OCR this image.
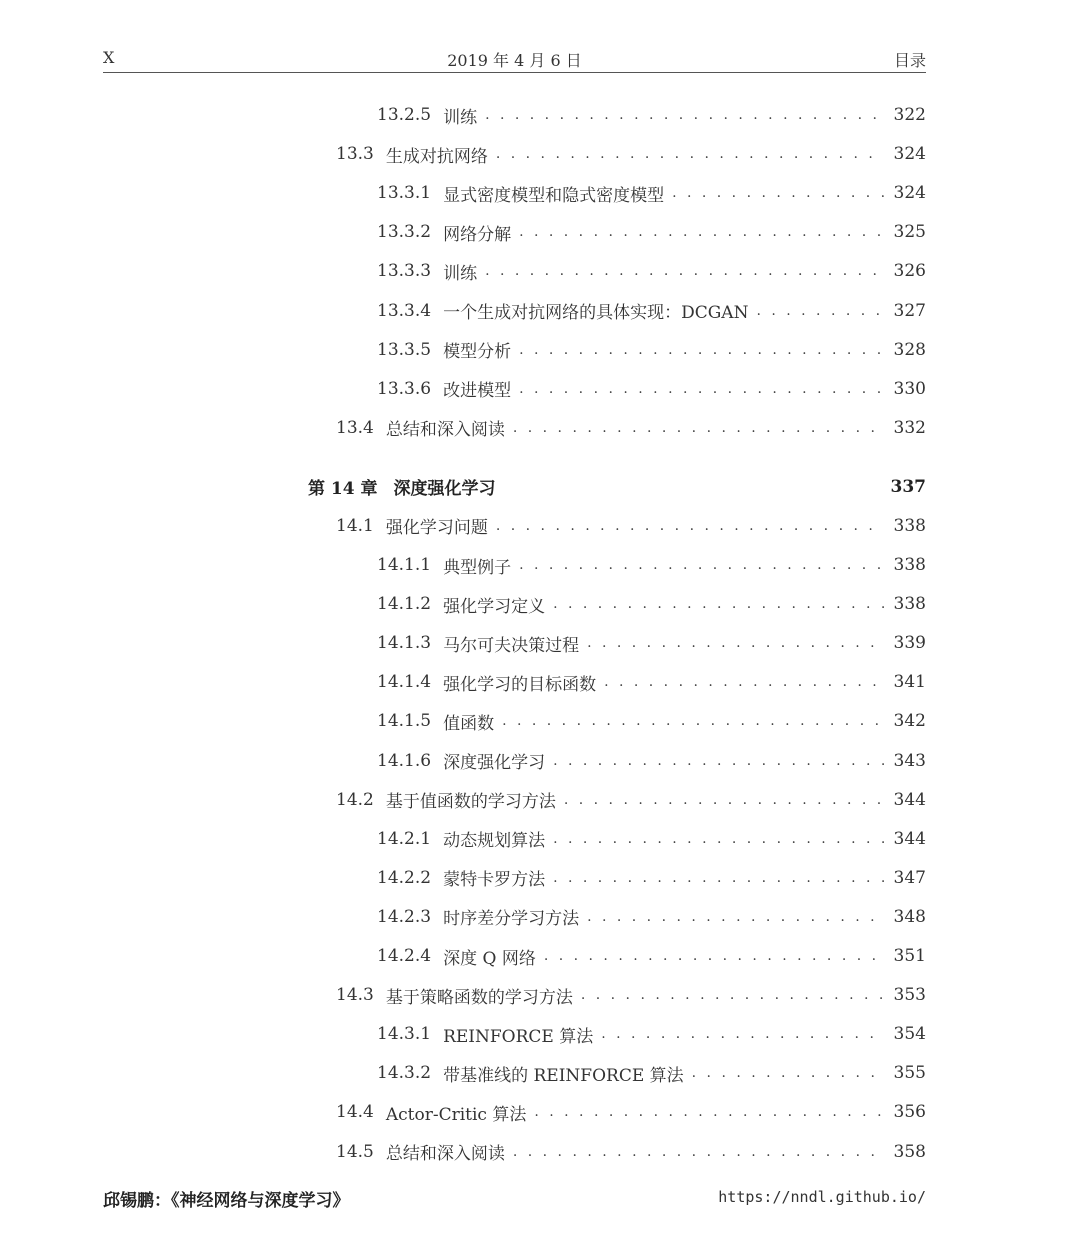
X	2019 年 4 月 6 日	目录
13.2.5 训练 . . .	322
13.3 生成对抗网络 . . .	324
13.3.1 显式密度模型和隐式密度模型 . . .	324
13.3.2 网络分解 . . .	325
13.3.3 训练 . . .	326
13.3.4 一个生成对抗网络的具体实现：DCGAN . . .	327
13.3.5 模型分析 . . .	328
13.3.6 改进模型 . . .	330
13.4 总结和深入阅读 . . .	332
第 14 章 深度强化学习	337
14.1 强化学习问题 . . .	338
14.1.1 典型例子 . . .	338
14.1.2 强化学习定义 . . .	338
14.1.3 马尔可夫决策过程 . . .	339
14.1.4 强化学习的目标函数 . . .	341
14.1.5 值函数 . . .	342
14.1.6 深度强化学习 . . .	343
14.2 基于值函数的学习方法 . . .	344
14.2.1 动态规划算法 . . .	344
14.2.2 蒙特卡罗方法 . . .	347
14.2.3 时序差分学习方法 . . .	348
14.2.4 深度 Q 网络 . . .	351
14.3 基于策略函数的学习方法 . . .	353
14.3.1 REINFORCE 算法 . . .	354
14.3.2 带基准线的 REINFORCE 算法 . . .	355
14.4 Actor-Critic 算法 . . .	356
14.5 总结和深入阅读 . . .	358
邱锡鹏：《神经网络与深度学习》	https://nndl.github.io/
